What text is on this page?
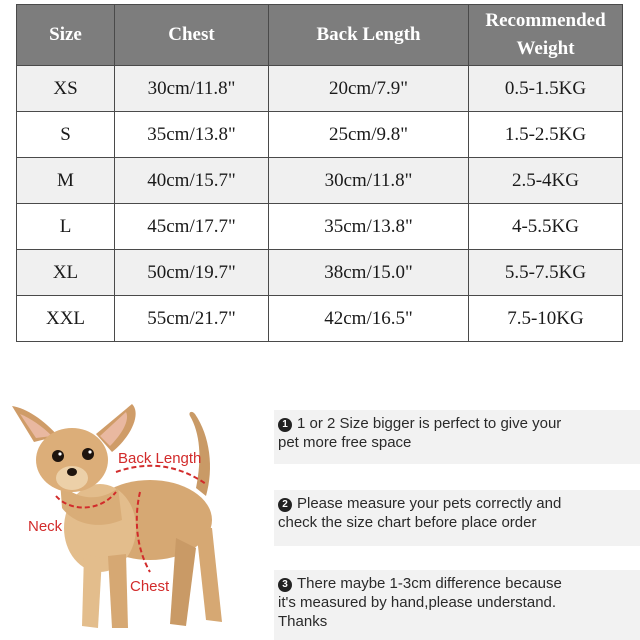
Size	Chest	Back Length	Recommended
Weight
XS	30cm/11.8"	20cm/7.9"	0.5-1.5KG
S	35cm/13.8"	25cm/9.8"	1.5-2.5KG
M	40cm/15.7"	30cm/11.8"	2.5-4KG
L	45cm/17.7"	35cm/13.8"	4-5.5KG
XL	50cm/19.7"	38cm/15.0"	5.5-7.5KG
XXL	55cm/21.7"	42cm/16.5"	7.5-10KG
Back Length
Neck
Chest

1 1 or 2 Size bigger is perfect to give your

pet more free space

2 Please measure your pets correctly and

check the size chart before place order

3 There maybe 1-3cm difference because

it's measured by hand,please understand.

Thanks
